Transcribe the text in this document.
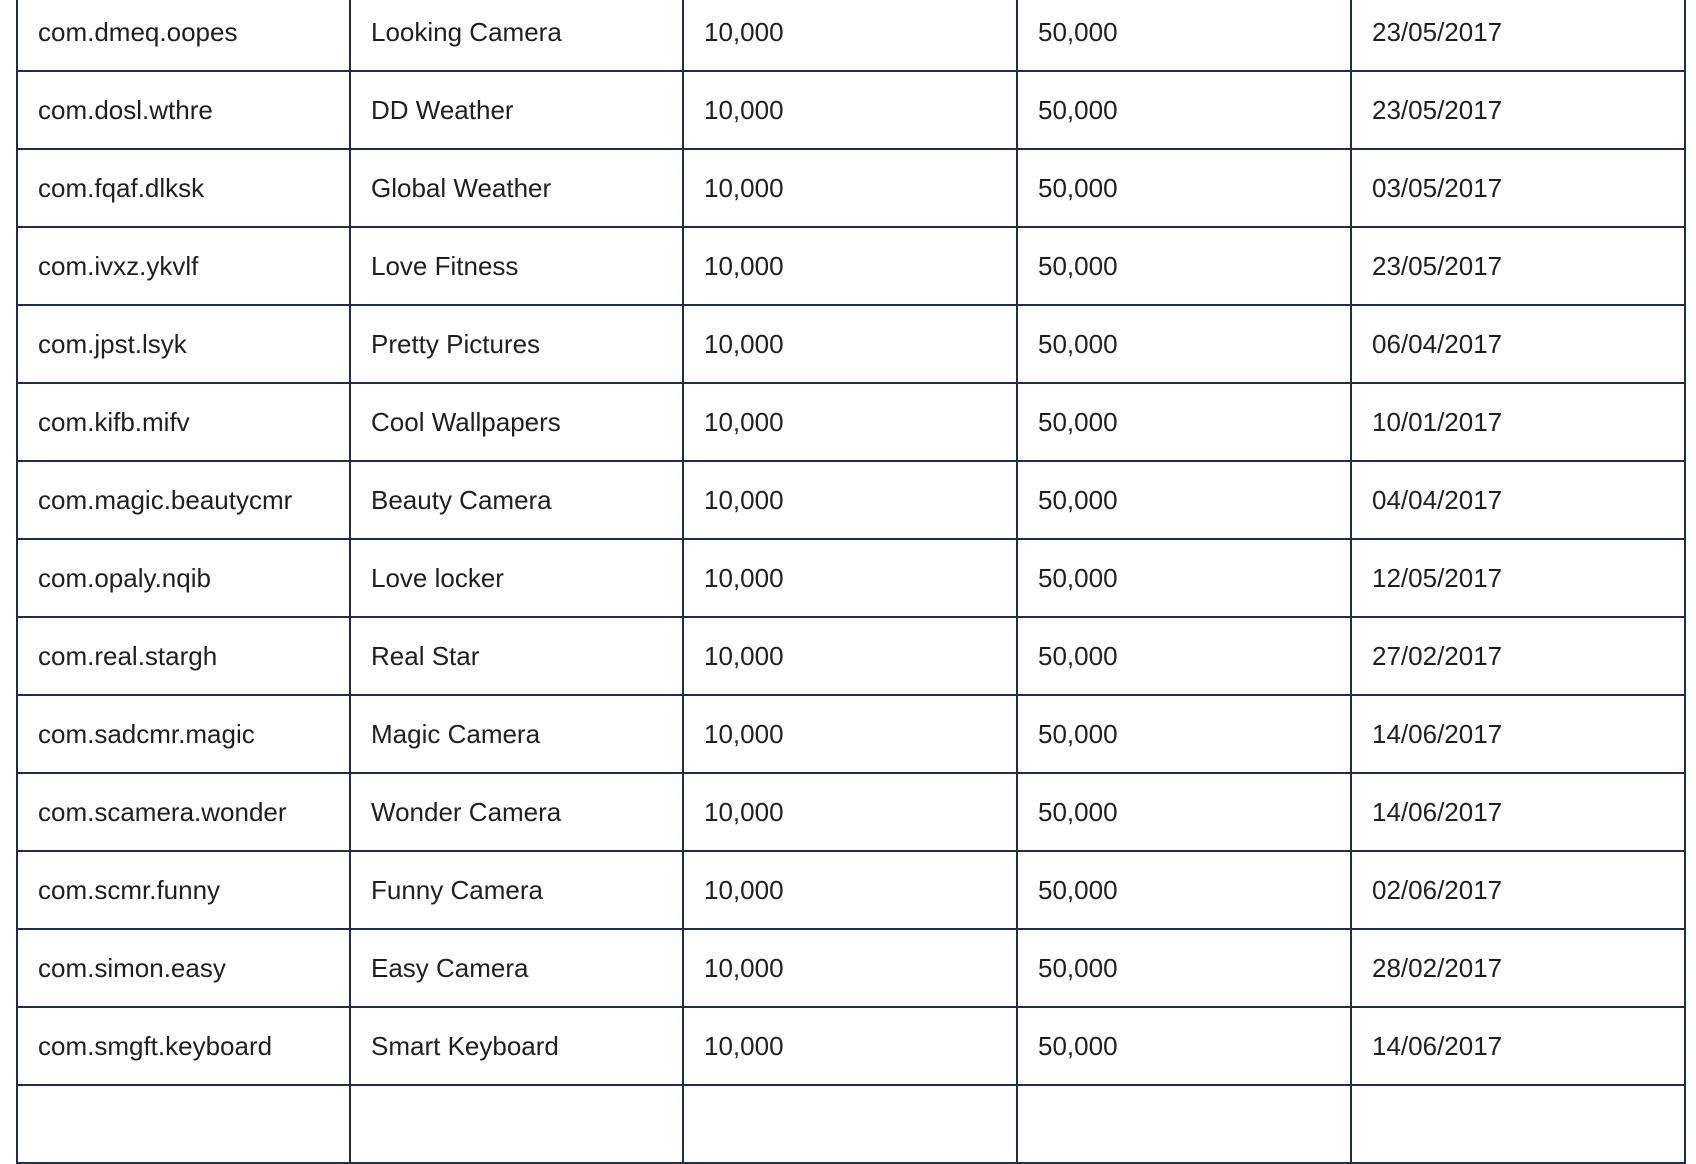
com.dmeq.oopes	Looking Camera	10,000	50,000	23/05/2017
com.dosl.wthre	DD Weather	10,000	50,000	23/05/2017
com.fqaf.dlksk	Global Weather	10,000	50,000	03/05/2017
com.ivxz.ykvlf	Love Fitness	10,000	50,000	23/05/2017
com.jpst.lsyk	Pretty Pictures	10,000	50,000	06/04/2017
com.kifb.mifv	Cool Wallpapers	10,000	50,000	10/01/2017
com.magic.beautycmr	Beauty Camera	10,000	50,000	04/04/2017
com.opaly.nqib	Love locker	10,000	50,000	12/05/2017
com.real.stargh	Real Star	10,000	50,000	27/02/2017
com.sadcmr.magic	Magic Camera	10,000	50,000	14/06/2017
com.scamera.wonder	Wonder Camera	10,000	50,000	14/06/2017
com.scmr.funny	Funny Camera	10,000	50,000	02/06/2017
com.simon.easy	Easy Camera	10,000	50,000	28/02/2017
com.smgft.keyboard	Smart Keyboard	10,000	50,000	14/06/2017
